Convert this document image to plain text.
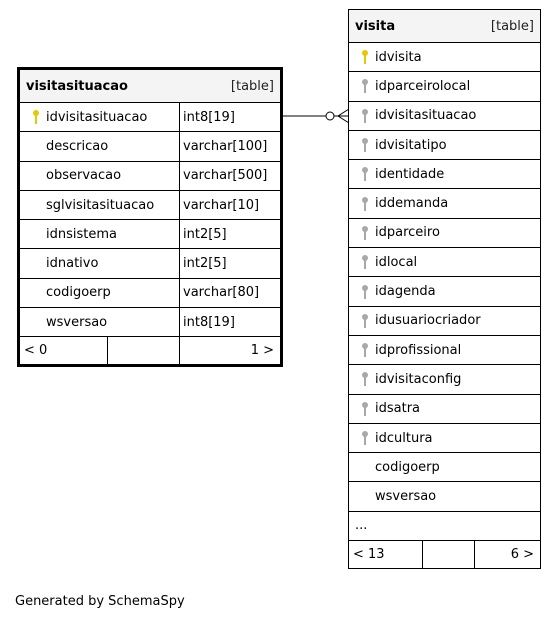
visitasituacao	[table]
idvisitasituacao	int8[19]
descricao	varchar[100]
observacao	varchar[500]
sglvisitasituacao varchar[10]
idnsistema	int2[5]
idnativo	int2[5]
codigoerp	varchar[80]
wsversao	int8[19]
< 0	1 >
visita	[table]
idvisita
idparceirolocal
idvisitasituacao
idvisitatipo
identidade
iddemanda
idparceiro
idlocal
idagenda
idusuariocriador
idprofissional
idvisitaconfig
idsatra
idcultura
codigoerp
wsversao
...
< 13	6 >
Generated by SchemaSpy
